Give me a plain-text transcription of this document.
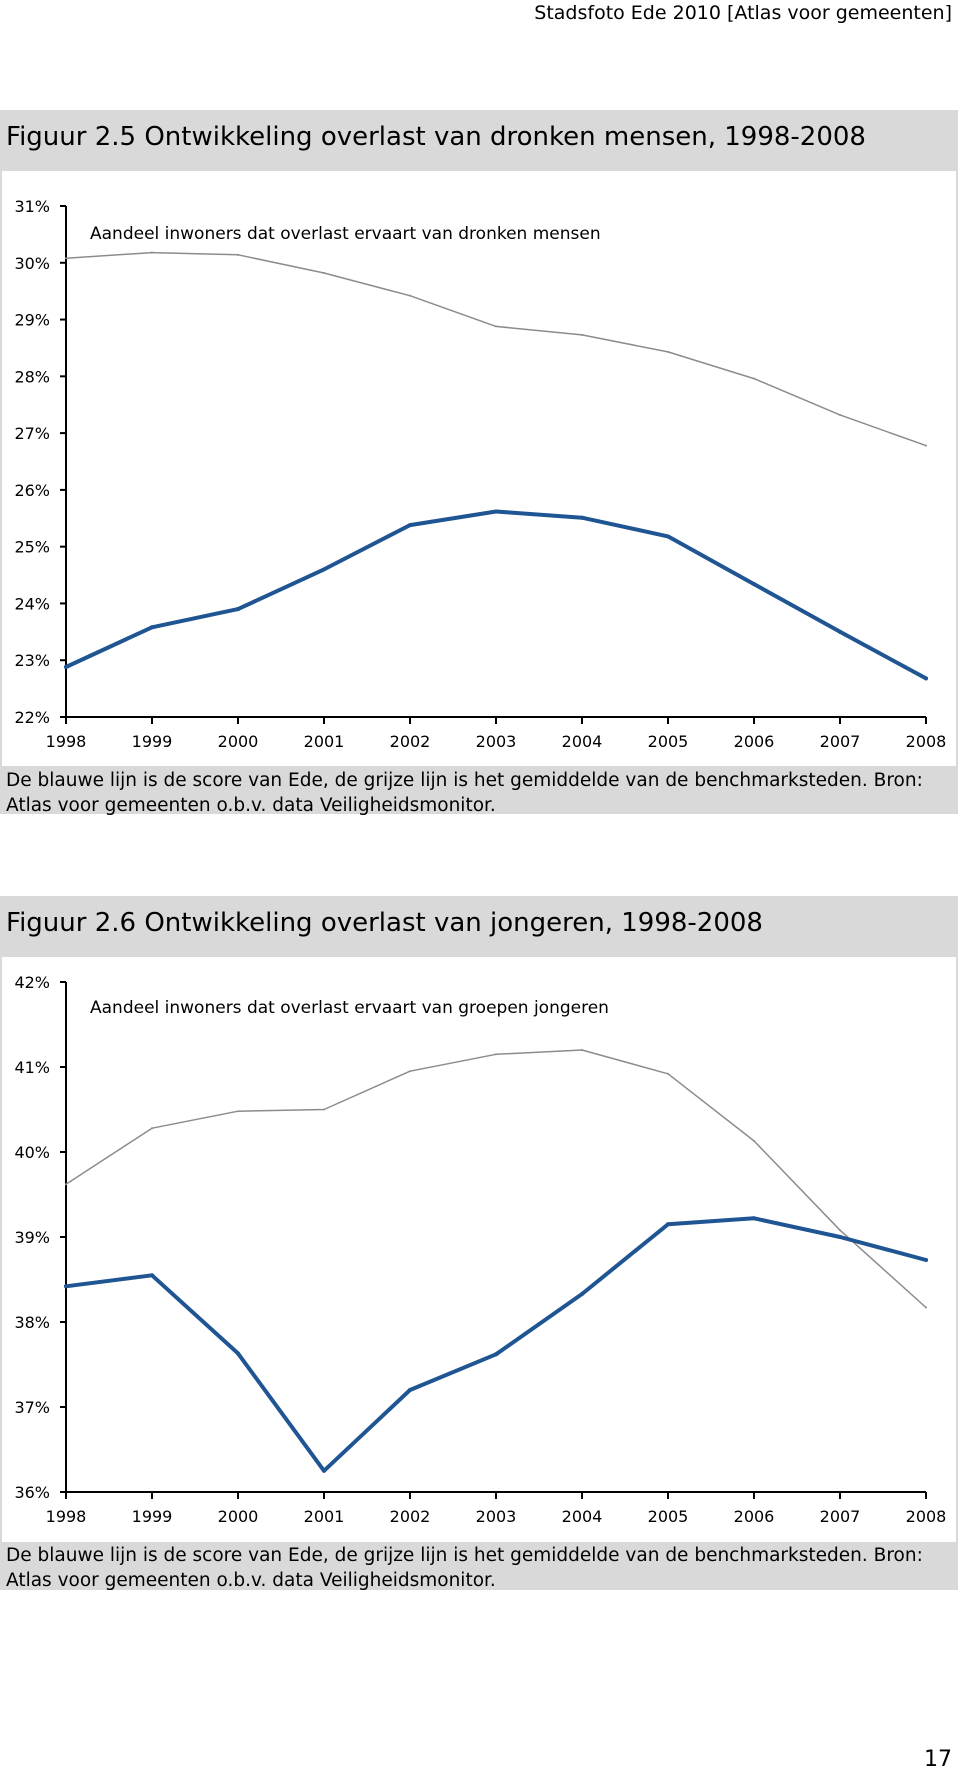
Stadsfoto Ede 2010 [Atlas voor gemeenten]
Figuur 2.5 Ontwikkeling overlast van dronken mensen, 1998-2008
22%
23%
24%
25%
26%
27%
28%
29%
30%
31%
1998	1999	2000	2001	2002	2003	2004	2005	2006	2007	2008
Aandeel inwoners dat overlast ervaart van dronken mensen
De blauwe lijn is de score van Ede, de grijze lijn is het gemiddelde van de benchmarksteden. Bron: Atlas voor gemeenten o.b.v. data Veiligheidsmonitor.
Figuur 2.6 Ontwikkeling overlast van jongeren, 1998-2008
36%
37%
38%
39%
40%
41%
42%
1998	1999	2000	2001	2002	2003	2004	2005	2006	2007	2008
Aandeel inwoners dat overlast ervaart van groepen jongeren
De blauwe lijn is de score van Ede, de grijze lijn is het gemiddelde van de benchmarksteden. Bron: Atlas voor gemeenten o.b.v. data Veiligheidsmonitor.
17
